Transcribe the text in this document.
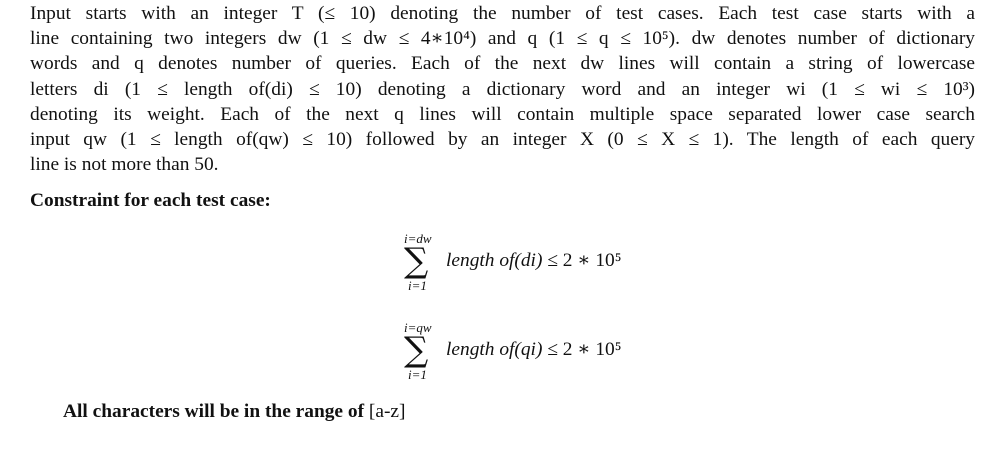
Input starts with an integer T (≤ 10) denoting the number of test cases. Each test case starts with a
line containing two integers dw (1 ≤ dw ≤ 4∗10⁴) and q (1 ≤ q ≤ 10⁵). dw denotes number of dictionary
words and q denotes number of queries. Each of the next dw lines will contain a string of lowercase
letters di (1 ≤ length of(di) ≤ 10) denoting a dictionary word and an integer wi (1 ≤ wi ≤ 10³)
denoting its weight. Each of the next q lines will contain multiple space separated lower case search
input qw (1 ≤ length of(qw) ≤ 10) followed by an integer X (0 ≤ X ≤ 1). The length of each query
line is not more than 50.
Constraint for each test case:
i=dw
∑
i=1
length of(di) ≤ 2 ∗ 10⁵
i=qw
∑
i=1
length of(qi) ≤ 2 ∗ 10⁵
All characters will be in the range of [a-z]
